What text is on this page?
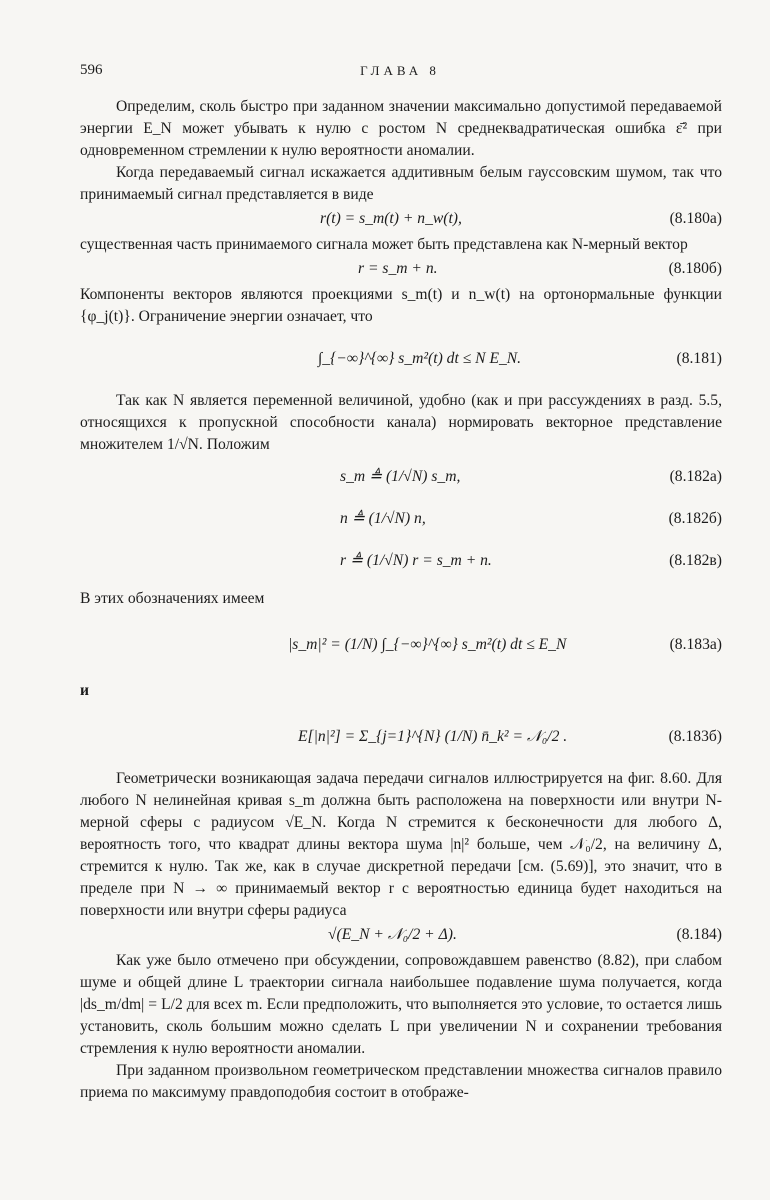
596	ГЛАВА 8

Определим, сколь быстро при заданном значении максимально допустимой передаваемой энергии E_N может убывать к нулю с ростом N среднеквадратическая ошибка ε̄² при одновременном стремлении к нулю вероятности аномалии.

Когда передаваемый сигнал искажается аддитивным белым гауссовским шумом, так что принимаемый сигнал представляется в виде

r(t) = s_m(t) + n_w(t),	(8.180a)

существенная часть принимаемого сигнала может быть представлена как N-мерный вектор

r = s_m + n.	(8.180б)

Компоненты векторов являются проекциями s_m(t) и n_w(t) на ортонормальные функции {φ_j(t)}. Ограничение энергии означает, что

∫_{−∞}^{∞} s_m²(t) dt ≤ N E_N.	(8.181)

Так как N является переменной величиной, удобно (как и при рассуждениях в разд. 5.5, относящихся к пропускной способности канала) нормировать векторное представление множителем 1/√N. Положим

s_m ≜ (1/√N) s_m,	(8.182a)
n ≜ (1/√N) n,	(8.182б)
r ≜ (1/√N) r = s_m + n.	(8.182в)

В этих обозначениях имеем

|s_m|² = (1/N) ∫_{−∞}^{∞} s_m²(t) dt ≤ E_N	(8.183a)

и

E[|n|²] = Σ_{j=1}^{N} (1/N) n̄_k² = 𝒩₀/2 .	(8.183б)

Геометрически возникающая задача передачи сигналов иллюстрируется на фиг. 8.60. Для любого N нелинейная кривая s_m должна быть расположена на поверхности или внутри N-мерной сферы с радиусом √E_N. Когда N стремится к бесконечности для любого Δ, вероятность того, что квадрат длины вектора шума |n|² больше, чем 𝒩₀/2, на величину Δ, стремится к нулю. Так же, как в случае дискретной передачи [см. (5.69)], это значит, что в пределе при N → ∞ принимаемый вектор r с вероятностью единица будет находиться на поверхности или внутри сферы радиуса

√(E_N + 𝒩₀/2 + Δ).	(8.184)

Как уже было отмечено при обсуждении, сопровождавшем равенство (8.82), при слабом шуме и общей длине L траектории сигнала наибольшее подавление шума получается, когда |ds_m/dm| = L/2 для всех m. Если предположить, что выполняется это условие, то остается лишь установить, сколь большим можно сделать L при увеличении N и сохранении требования стремления к нулю вероятности аномалии.

При заданном произвольном геометрическом представлении множества сигналов правило приема по максимуму правдоподобия состоит в отображе-
